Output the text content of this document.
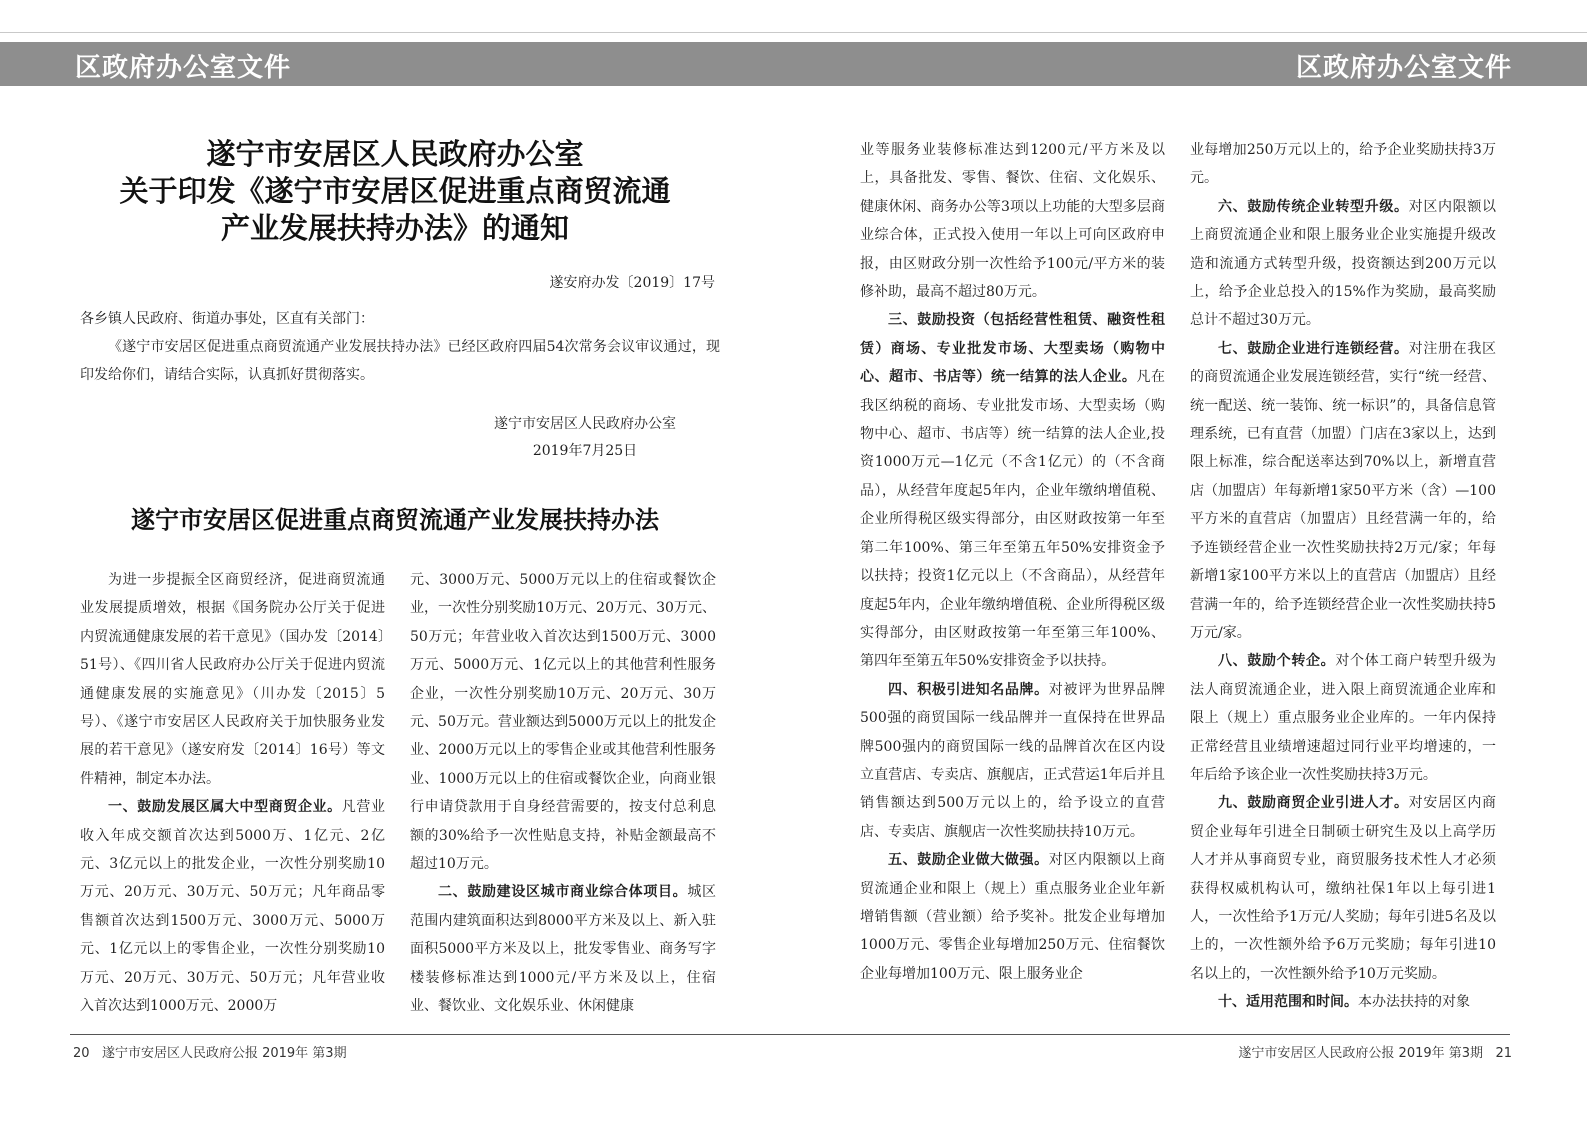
区政府办公室文件	区政府办公室文件
遂宁市安居区人民政府办公室
关于印发《遂宁市安居区促进重点商贸流通
产业发展扶持办法》的通知
遂安府办发〔2019〕17号

各乡镇人民政府、街道办事处，区直有关部门：

《遂宁市安居区促进重点商贸流通产业发展扶持办法》已经区政府四届54次常务会议审议通过，现印发给你们，请结合实际，认真抓好贯彻落实。

遂宁市安居区人民政府办公室
2019年7月25日
遂宁市安居区促进重点商贸流通产业发展扶持办法

为进一步提振全区商贸经济，促进商贸流通业发展提质增效，根据《国务院办公厅关于促进内贸流通健康发展的若干意见》（国办发〔2014〕51号）、《四川省人民政府办公厅关于促进内贸流通健康发展的实施意见》（川办发〔2015〕5号）、《遂宁市安居区人民政府关于加快服务业发展的若干意见》（遂安府发〔2014〕16号）等文件精神，制定本办法。

一、鼓励发展区属大中型商贸企业。凡营业收入年成交额首次达到5000万、1亿元、2亿元、3亿元以上的批发企业，一次性分别奖励10万元、20万元、30万元、50万元；凡年商品零售额首次达到1500万元、3000万元、5000万元、1亿元以上的零售企业，一次性分别奖励10万元、20万元、30万元、50万元；凡年营业收入首次达到1000万元、2000万

元、3000万元、5000万元以上的住宿或餐饮企业，一次性分别奖励10万元、20万元、30万元、50万元；年营业收入首次达到1500万元、3000万元、5000万元、1亿元以上的其他营利性服务企业，一次性分别奖励10万元、20万元、30万元、50万元。营业额达到5000万元以上的批发企业、2000万元以上的零售企业或其他营利性服务业、1000万元以上的住宿或餐饮企业，向商业银行申请贷款用于自身经营需要的，按支付总利息额的30%给予一次性贴息支持，补贴金额最高不超过10万元。

二、鼓励建设区城市商业综合体项目。城区范围内建筑面积达到8000平方米及以上、新入驻面积5000平方米及以上，批发零售业、商务写字楼装修标准达到1000元/平方米及以上，住宿业、餐饮业、文化娱乐业、休闲健康

业等服务业装修标准达到1200元/平方米及以上，具备批发、零售、餐饮、住宿、文化娱乐、健康休闲、商务办公等3项以上功能的大型多层商业综合体，正式投入使用一年以上可向区政府申报，由区财政分别一次性给予100元/平方米的装修补助，最高不超过80万元。

三、鼓励投资（包括经营性租赁、融资性租赁）商场、专业批发市场、大型卖场（购物中心、超市、书店等）统一结算的法人企业。凡在我区纳税的商场、专业批发市场、大型卖场（购物中心、超市、书店等）统一结算的法人企业,投资1000万元—1亿元（不含1亿元）的（不含商品），从经营年度起5年内，企业年缴纳增值税、企业所得税区级实得部分，由区财政按第一年至第二年100%、第三年至第五年50%安排资金予以扶持；投资1亿元以上（不含商品），从经营年度起5年内，企业年缴纳增值税、企业所得税区级实得部分，由区财政按第一年至第三年100%、第四年至第五年50%安排资金予以扶持。

四、积极引进知名品牌。对被评为世界品牌500强的商贸国际一线品牌并一直保持在世界品牌500强内的商贸国际一线的品牌首次在区内设立直营店、专卖店、旗舰店，正式营运1年后并且销售额达到500万元以上的，给予设立的直营店、专卖店、旗舰店一次性奖励扶持10万元。

五、鼓励企业做大做强。对区内限额以上商贸流通企业和限上（规上）重点服务业企业年新增销售额（营业额）给予奖补。批发企业每增加1000万元、零售企业每增加250万元、住宿餐饮企业每增加100万元、限上服务业企

业每增加250万元以上的，给予企业奖励扶持3万元。

六、鼓励传统企业转型升级。对区内限额以上商贸流通企业和限上服务业企业实施提升级改造和流通方式转型升级，投资额达到200万元以上，给予企业总投入的15%作为奖励，最高奖励总计不超过30万元。

七、鼓励企业进行连锁经营。对注册在我区的商贸流通企业发展连锁经营，实行“统一经营、统一配送、统一装饰、统一标识”的，具备信息管理系统，已有直营（加盟）门店在3家以上，达到限上标准，综合配送率达到70%以上，新增直营店（加盟店）年每新增1家50平方米（含）—100平方米的直营店（加盟店）且经营满一年的，给予连锁经营企业一次性奖励扶持2万元/家；年每新增1家100平方米以上的直营店（加盟店）且经营满一年的，给予连锁经营企业一次性奖励扶持5万元/家。

八、鼓励个转企。对个体工商户转型升级为法人商贸流通企业，进入限上商贸流通企业库和限上（规上）重点服务业企业库的。一年内保持正常经营且业绩增速超过同行业平均增速的，一年后给予该企业一次性奖励扶持3万元。

九、鼓励商贸企业引进人才。对安居区内商贸企业每年引进全日制硕士研究生及以上高学历人才并从事商贸专业，商贸服务技术性人才必须获得权威机构认可，缴纳社保1年以上每引进1人，一次性给予1万元/人奖励；每年引进5名及以上的，一次性额外给予6万元奖励；每年引进10名以上的，一次性额外给予10万元奖励。

十、适用范围和时间。本办法扶持的对象

20 遂宁市安居区人民政府公报 2019年 第3期	遂宁市安居区人民政府公报 2019年 第3期 21
